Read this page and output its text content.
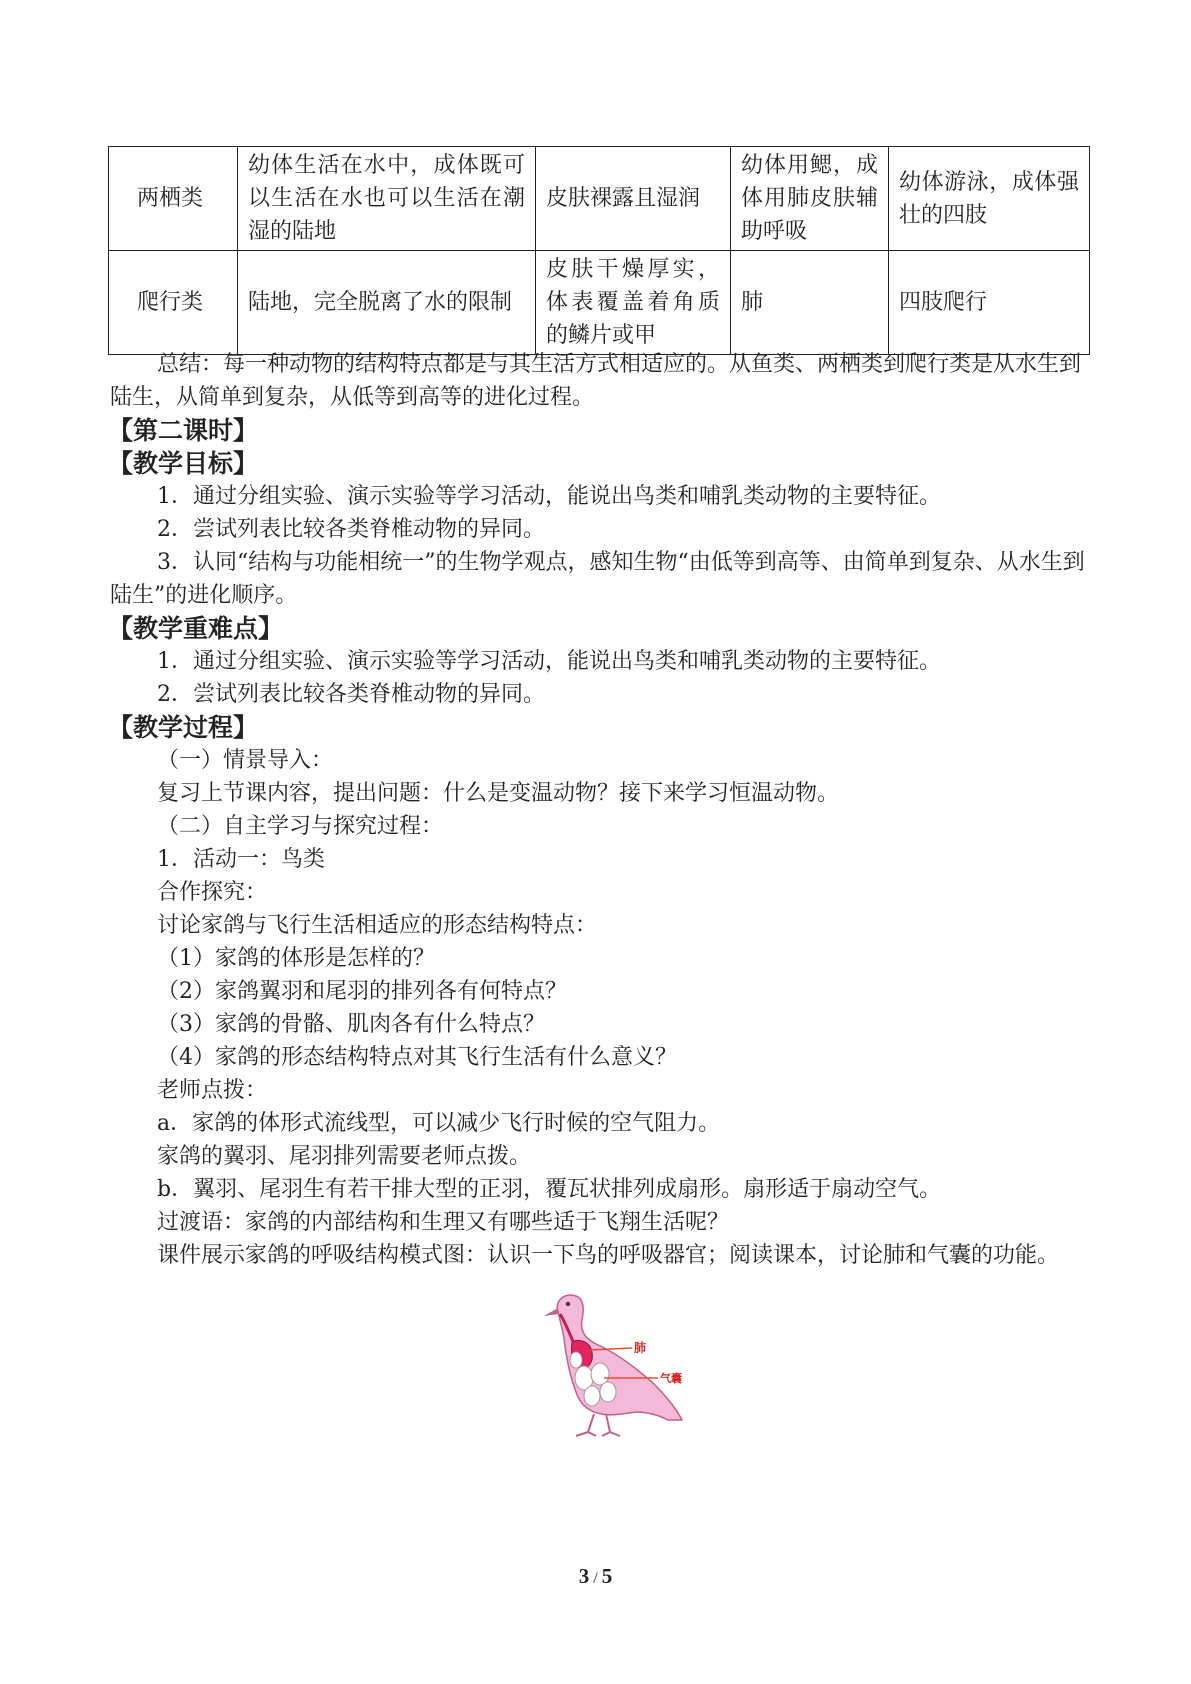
两栖类	幼体生活在水中，成体既可以生活在水也可以生活在潮湿的陆地	皮肤裸露且湿润	幼体用鳃，成体用肺皮肤辅助呼吸	幼体游泳，成体强壮的四肢
爬行类	陆地，完全脱离了水的限制	皮肤干燥厚实，体表覆盖着角质的鳞片或甲	肺	四肢爬行

总结：每一种动物的结构特点都是与其生活方式相适应的。从鱼类、两栖类到爬行类是从水生到陆生，从简单到复杂，从低等到高等的进化过程。

【第二课时】

【教学目标】

1．通过分组实验、演示实验等学习活动，能说出鸟类和哺乳类动物的主要特征。

2．尝试列表比较各类脊椎动物的异同。

3．认同“结构与功能相统一”的生物学观点，感知生物“由低等到高等、由简单到复杂、从水生到陆生”的进化顺序。

【教学重难点】

1．通过分组实验、演示实验等学习活动，能说出鸟类和哺乳类动物的主要特征。

2．尝试列表比较各类脊椎动物的异同。

【教学过程】

（一）情景导入：

复习上节课内容，提出问题：什么是变温动物？接下来学习恒温动物。

（二）自主学习与探究过程：

1．活动一：鸟类

合作探究：

讨论家鸽与飞行生活相适应的形态结构特点：

（1）家鸽的体形是怎样的？

（2）家鸽翼羽和尾羽的排列各有何特点？

（3）家鸽的骨骼、肌肉各有什么特点？

（4）家鸽的形态结构特点对其飞行生活有什么意义？

老师点拨：

a．家鸽的体形式流线型，可以减少飞行时候的空气阻力。

家鸽的翼羽、尾羽排列需要老师点拨。

b．翼羽、尾羽生有若干排大型的正羽，覆瓦状排列成扇形。扇形适于扇动空气。

过渡语：家鸽的内部结构和生理又有哪些适于飞翔生活呢？

课件展示家鸽的呼吸结构模式图：认识一下鸟的呼吸器官；阅读课本，讨论肺和气囊的功能。

肺
气囊
3 / 5
